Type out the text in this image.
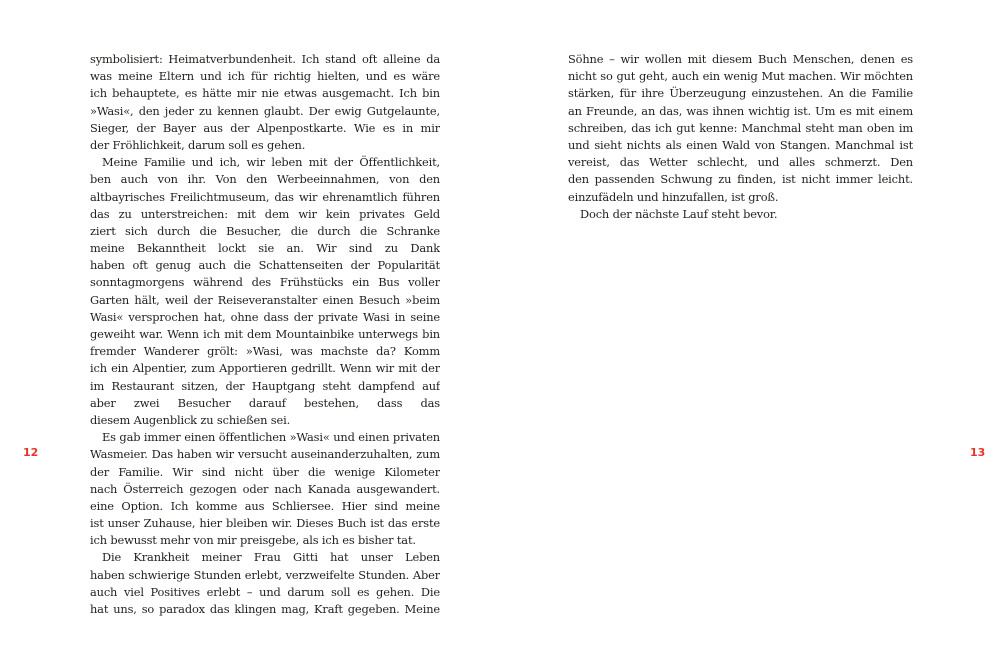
symbolisiert: Heimatverbundenheit. Ich stand oft alleine da
was meine Eltern und ich für richtig hielten, und es wäre
ich behauptete, es hätte mir nie etwas ausgemacht. Ich bin
»Wasi«, den jeder zu kennen glaubt. Der ewig Gutgelaunte,
Sieger, der Bayer aus der Alpenpostkarte. Wie es in mir
der Fröhlichkeit, darum soll es gehen.
Meine Familie und ich, wir leben mit der Öffentlichkeit,
ben auch von ihr. Von den Werbeeinnahmen, von den
altbayrisches Freilichtmuseum, das wir ehrenamtlich führen
das zu unterstreichen: mit dem wir kein privates Geld
ziert sich durch die Besucher, die durch die Schranke
meine Bekanntheit lockt sie an. Wir sind zu Dank
haben oft genug auch die Schattenseiten der Popularität
sonntagmorgens während des Frühstücks ein Bus voller
Garten hält, weil der Reiseveranstalter einen Besuch »beim
Wasi« versprochen hat, ohne dass der private Wasi in seine
geweiht war. Wenn ich mit dem Mountainbike unterwegs bin
fremder Wanderer grölt: »Wasi, was machste da? Komm
ich ein Alpentier, zum Apportieren gedrillt. Wenn wir mit der
im Restaurant sitzen, der Hauptgang steht dampfend auf
aber zwei Besucher darauf bestehen, dass das
diesem Augenblick zu schießen sei.
Es gab immer einen öffentlichen »Wasi« und einen privaten
Wasmeier. Das haben wir versucht auseinanderzuhalten, zum
der Familie. Wir sind nicht über die wenige Kilometer
nach Österreich gezogen oder nach Kanada ausgewandert.
eine Option. Ich komme aus Schliersee. Hier sind meine
ist unser Zuhause, hier bleiben wir. Dieses Buch ist das erste
ich bewusst mehr von mir preisgebe, als ich es bisher tat.
Die Krankheit meiner Frau Gitti hat unser Leben
haben schwierige Stunden erlebt, verzweifelte Stunden. Aber
auch viel Positives erlebt – und darum soll es gehen. Die
hat uns, so paradox das klingen mag, Kraft gegeben. Meine
12
Söhne – wir wollen mit diesem Buch Menschen, denen es
nicht so gut geht, auch ein wenig Mut machen. Wir möchten
stärken, für ihre Überzeugung einzustehen. An die Familie
an Freunde, an das, was ihnen wichtig ist. Um es mit einem
schreiben, das ich gut kenne: Manchmal steht man oben im
und sieht nichts als einen Wald von Stangen. Manchmal ist
vereist, das Wetter schlecht, und alles schmerzt. Den
den passenden Schwung zu finden, ist nicht immer leicht.
einzufädeln und hinzufallen, ist groß.
Doch der nächste Lauf steht bevor.
13
